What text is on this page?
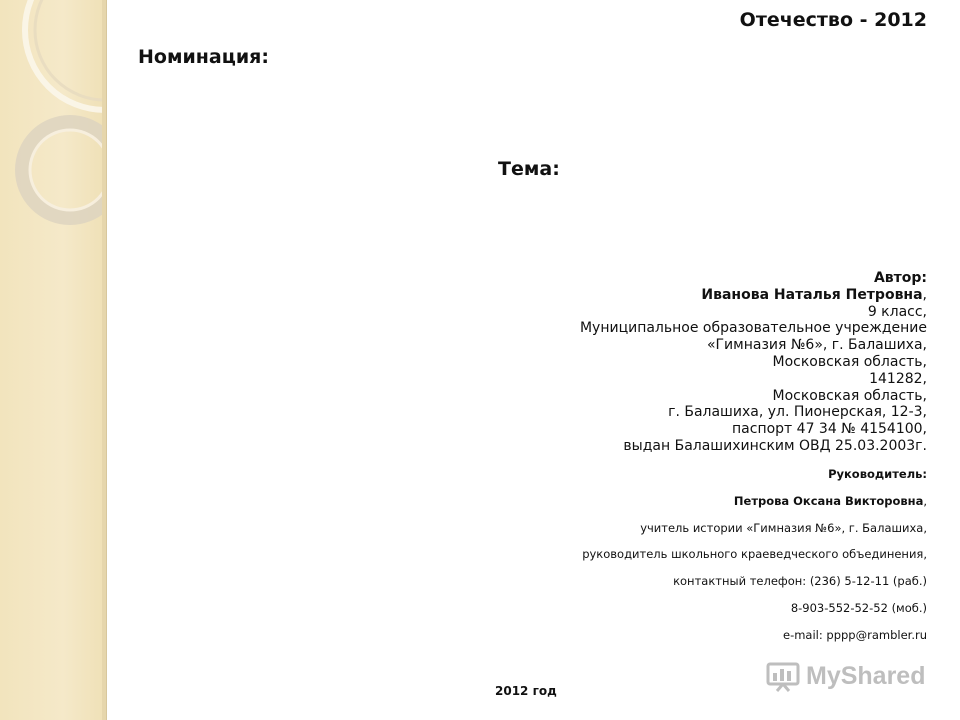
Отечество - 2012
Номинация:
Тема:
Автор:
Иванова Наталья Петровна,
9 класс,
Муниципальное образовательное учреждение
«Гимназия №6», г. Балашиха,
Московская область,
141282,
Московская область,
г. Балашиха, ул. Пионерская, 12-3,
паспорт 47 34 № 4154100,
выдан Балашихинским ОВД 25.03.2003г.
Руководитель:
Петрова Оксана Викторовна,
учитель истории «Гимназия №6», г. Балашиха,
руководитель школьного краеведческого объединения,
контактный телефон: (236) 5-12-11 (раб.)
8-903-552-52-52 (моб.)
e-mail: pppp@rambler.ru
2012 год
MyShared
